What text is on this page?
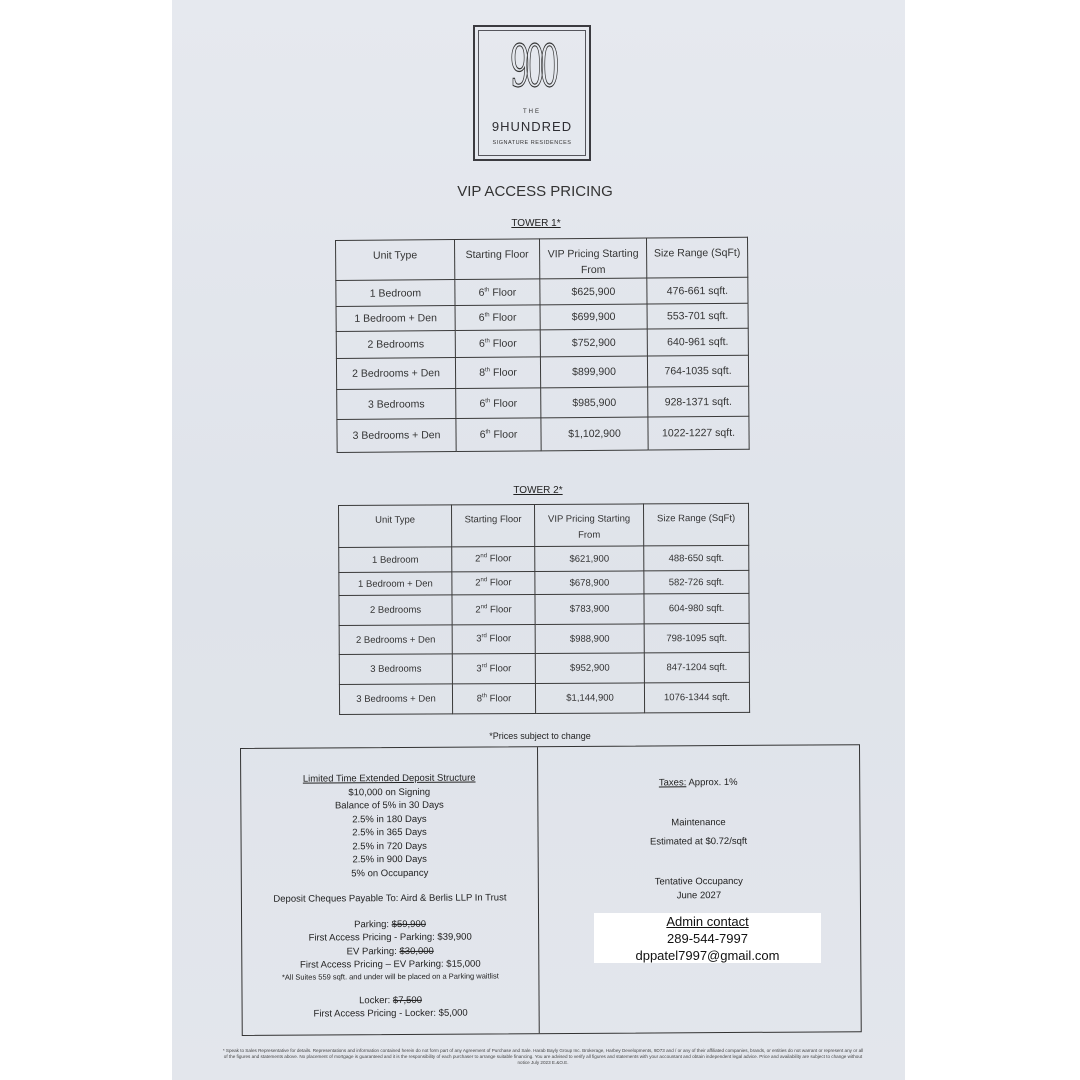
900
THE
9HUNDRED
SIGNATURE RESIDENCES
VIP ACCESS PRICING
TOWER 1*
Unit Type	Starting Floor	VIP Pricing Starting From	Size Range (SqFt)
1 Bedroom	6th Floor	$625,900	476-661 sqft.
1 Bedroom + Den	6th Floor	$699,900	553-701 sqft.
2 Bedrooms	6th Floor	$752,900	640-961 sqft.
2 Bedrooms + Den	8th Floor	$899,900	764-1035 sqft.
3 Bedrooms	6th Floor	$985,900	928-1371 sqft.
3 Bedrooms + Den	6th Floor	$1,102,900	1022-1227 sqft.
TOWER 2*
Unit Type	Starting Floor	VIP Pricing Starting From	Size Range (SqFt)
1 Bedroom	2nd Floor	$621,900	488-650 sqft.
1 Bedroom + Den	2nd Floor	$678,900	582-726 sqft.
2 Bedrooms	2nd Floor	$783,900	604-980 sqft.
2 Bedrooms + Den	3rd Floor	$988,900	798-1095 sqft.
3 Bedrooms	3rd Floor	$952,900	847-1204 sqft.
3 Bedrooms + Den	8th Floor	$1,144,900	1076-1344 sqft.
*Prices subject to change
Limited Time Extended Deposit Structure
$10,000 on Signing
Balance of 5% in 30 Days
2.5% in 180 Days
2.5% in 365 Days
2.5% in 720 Days
2.5% in 900 Days
5% on Occupancy
Deposit Cheques Payable To: Aird & Berlis LLP In Trust
Parking: $59,900
First Access Pricing - Parking: $39,900
EV Parking: $30,000
First Access Pricing – EV Parking: $15,000
*All Suites 559 sqft. and under will be placed on a Parking waitlist
Locker: $7,500
First Access Pricing - Locker: $5,000
Taxes: Approx. 1%
Maintenance
Estimated at $0.72/sqft
Tentative Occupancy
June 2027
Admin contact
289-544-7997
dppatel7997@gmail.com
* Speak to Sales Representative for details. Representations and information contained herein do not form part of any Agreement of Purchase and Sale. Harab Bayly Group Inc. Brokerage, Harbey Developments, 9D73 and / or any of their affiliated companies, brands, or entities do not warrant or represent any or all of the figures and statements above. No placement of mortgage is guaranteed and it is the responsibility of each purchaser to arrange suitable financing. You are advised to verify all figures and statements with your accountant and obtain independent legal advice. Price and availability are subject to change without notice July 2023 E.&O.E.
